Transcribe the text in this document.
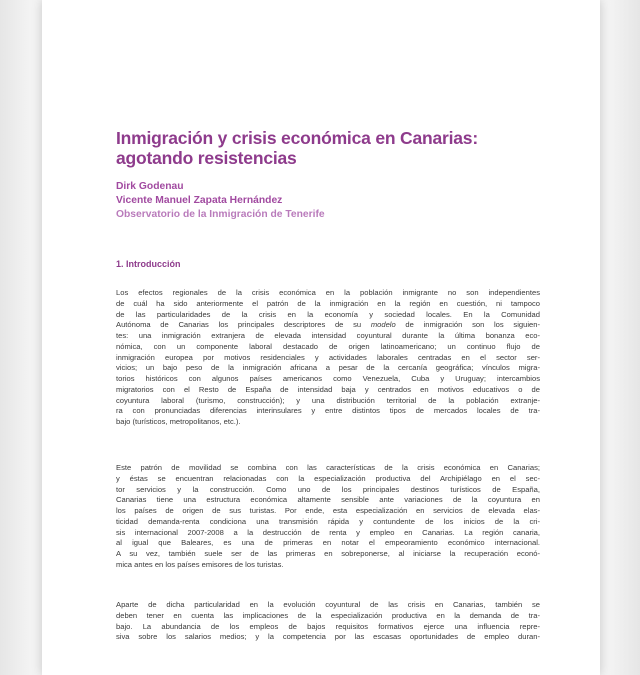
Inmigración y crisis económica en Canarias:
agotando resistencias
Dirk Godenau
Vicente Manuel Zapata Hernández
Observatorio de la Inmigración de Tenerife
1. Introducción

Los efectos regionales de la crisis económica en la población inmigrante no son independientes
de cuál ha sido anteriormente el patrón de la inmigración en la región en cuestión, ni tampoco
de las particularidades de la crisis en la economía y sociedad locales. En la Comunidad
Autónoma de Canarias los principales descriptores de su modelo de inmigración son los siguien-
tes: una inmigración extranjera de elevada intensidad coyuntural durante la última bonanza eco-
nómica, con un componente laboral destacado de origen latinoamericano; un continuo flujo de
inmigración europea por motivos residenciales y actividades laborales centradas en el sector ser-
vicios; un bajo peso de la inmigración africana a pesar de la cercanía geográfica; vínculos migra-
torios históricos con algunos países americanos como Venezuela, Cuba y Uruguay; intercambios
migratorios con el Resto de España de intensidad baja y centrados en motivos educativos o de
coyuntura laboral (turismo, construcción); y una distribución territorial de la población extranje-
ra con pronunciadas diferencias interinsulares y entre distintos tipos de mercados locales de tra-
bajo (turísticos, metropolitanos, etc.).

Este patrón de movilidad se combina con las características de la crisis económica en Canarias;
y éstas se encuentran relacionadas con la especialización productiva del Archipiélago en el sec-
tor servicios y la construcción. Como uno de los principales destinos turísticos de España,
Canarias tiene una estructura económica altamente sensible ante variaciones de la coyuntura en
los países de origen de sus turistas. Por ende, esta especialización en servicios de elevada elas-
ticidad demanda-renta condiciona una transmisión rápida y contundente de los inicios de la cri-
sis internacional 2007-2008 a la destrucción de renta y empleo en Canarias. La región canaria,
al igual que Baleares, es una de primeras en notar el empeoramiento económico internacional.
A su vez, también suele ser de las primeras en sobreponerse, al iniciarse la recuperación econó-
mica antes en los países emisores de los turistas.

Aparte de dicha particularidad en la evolución coyuntural de las crisis en Canarias, también se
deben tener en cuenta las implicaciones de la especialización productiva en la demanda de tra-
bajo. La abundancia de los empleos de bajos requisitos formativos ejerce una influencia repre-
siva sobre los salarios medios; y la competencia por las escasas oportunidades de empleo duran-
